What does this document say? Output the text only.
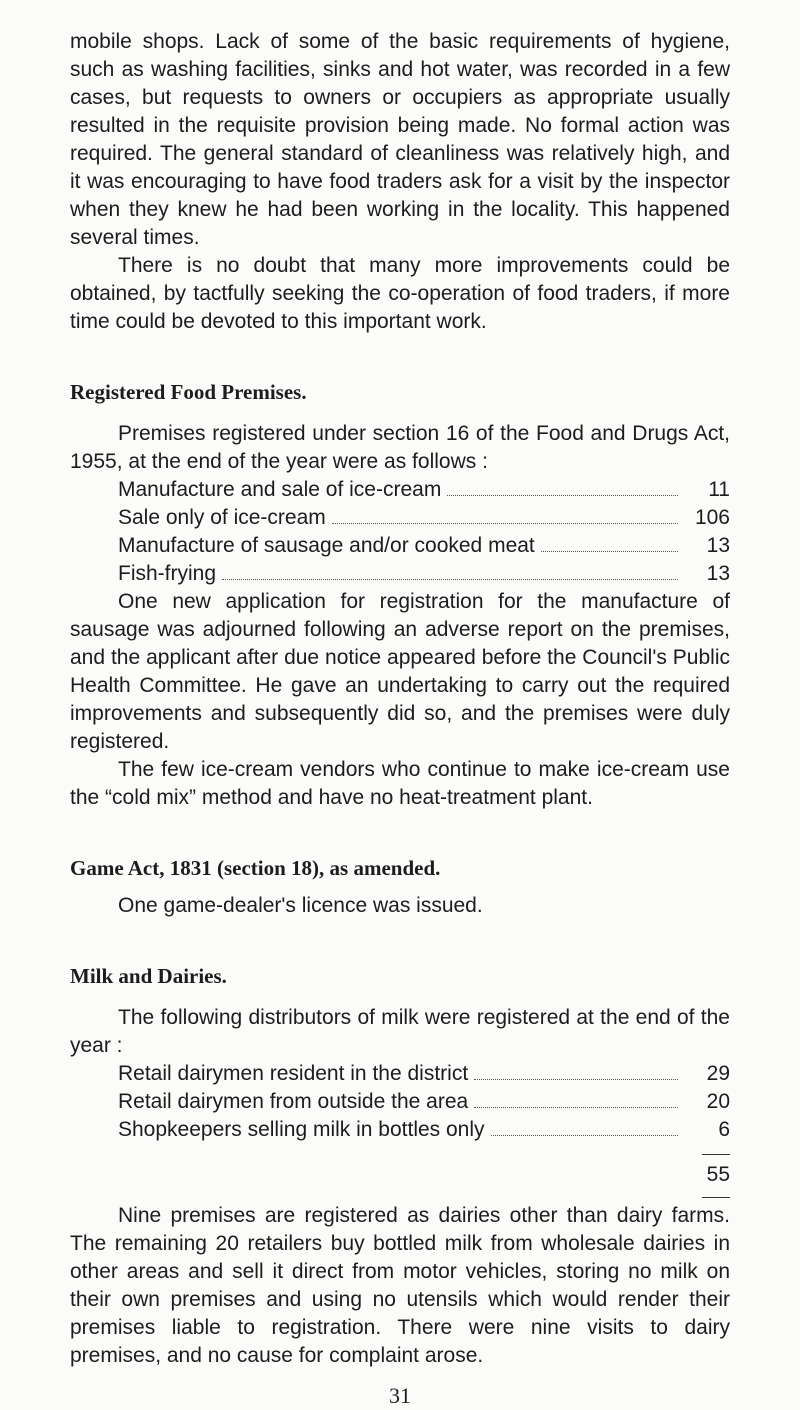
mobile shops. Lack of some of the basic requirements of hygiene, such as washing facilities, sinks and hot water, was recorded in a few cases, but requests to owners or occupiers as appropriate usually resulted in the requisite provision being made. No formal action was required. The general standard of cleanliness was relatively high, and it was encouraging to have food traders ask for a visit by the inspector when they knew he had been working in the locality. This happened several times.

There is no doubt that many more improvements could be obtained, by tactfully seeking the co-operation of food traders, if more time could be devoted to this important work.

Registered Food Premises.

Premises registered under section 16 of the Food and Drugs Act, 1955, at the end of the year were as follows :

Manufacture and sale of ice-cream	11
Sale only of ice-cream	106
Manufacture of sausage and/or cooked meat	13
Fish-frying	13

One new application for registration for the manufacture of sausage was adjourned following an adverse report on the premises, and the applicant after due notice appeared before the Council's Public Health Committee. He gave an undertaking to carry out the required improvements and subsequently did so, and the premises were duly registered.

The few ice-cream vendors who continue to make ice-cream use the “cold mix” method and have no heat-treatment plant.

Game Act, 1831 (section 18), as amended.

One game-dealer's licence was issued.

Milk and Dairies.

The following distributors of milk were registered at the end of the year :

Retail dairymen resident in the district	29
Retail dairymen from outside the area	20
Shopkeepers selling milk in bottles only	6
55

Nine premises are registered as dairies other than dairy farms. The remaining 20 retailers buy bottled milk from wholesale dairies in other areas and sell it direct from motor vehicles, storing no milk on their own premises and using no utensils which would render their premises liable to registration. There were nine visits to dairy premises, and no cause for complaint arose.

31
